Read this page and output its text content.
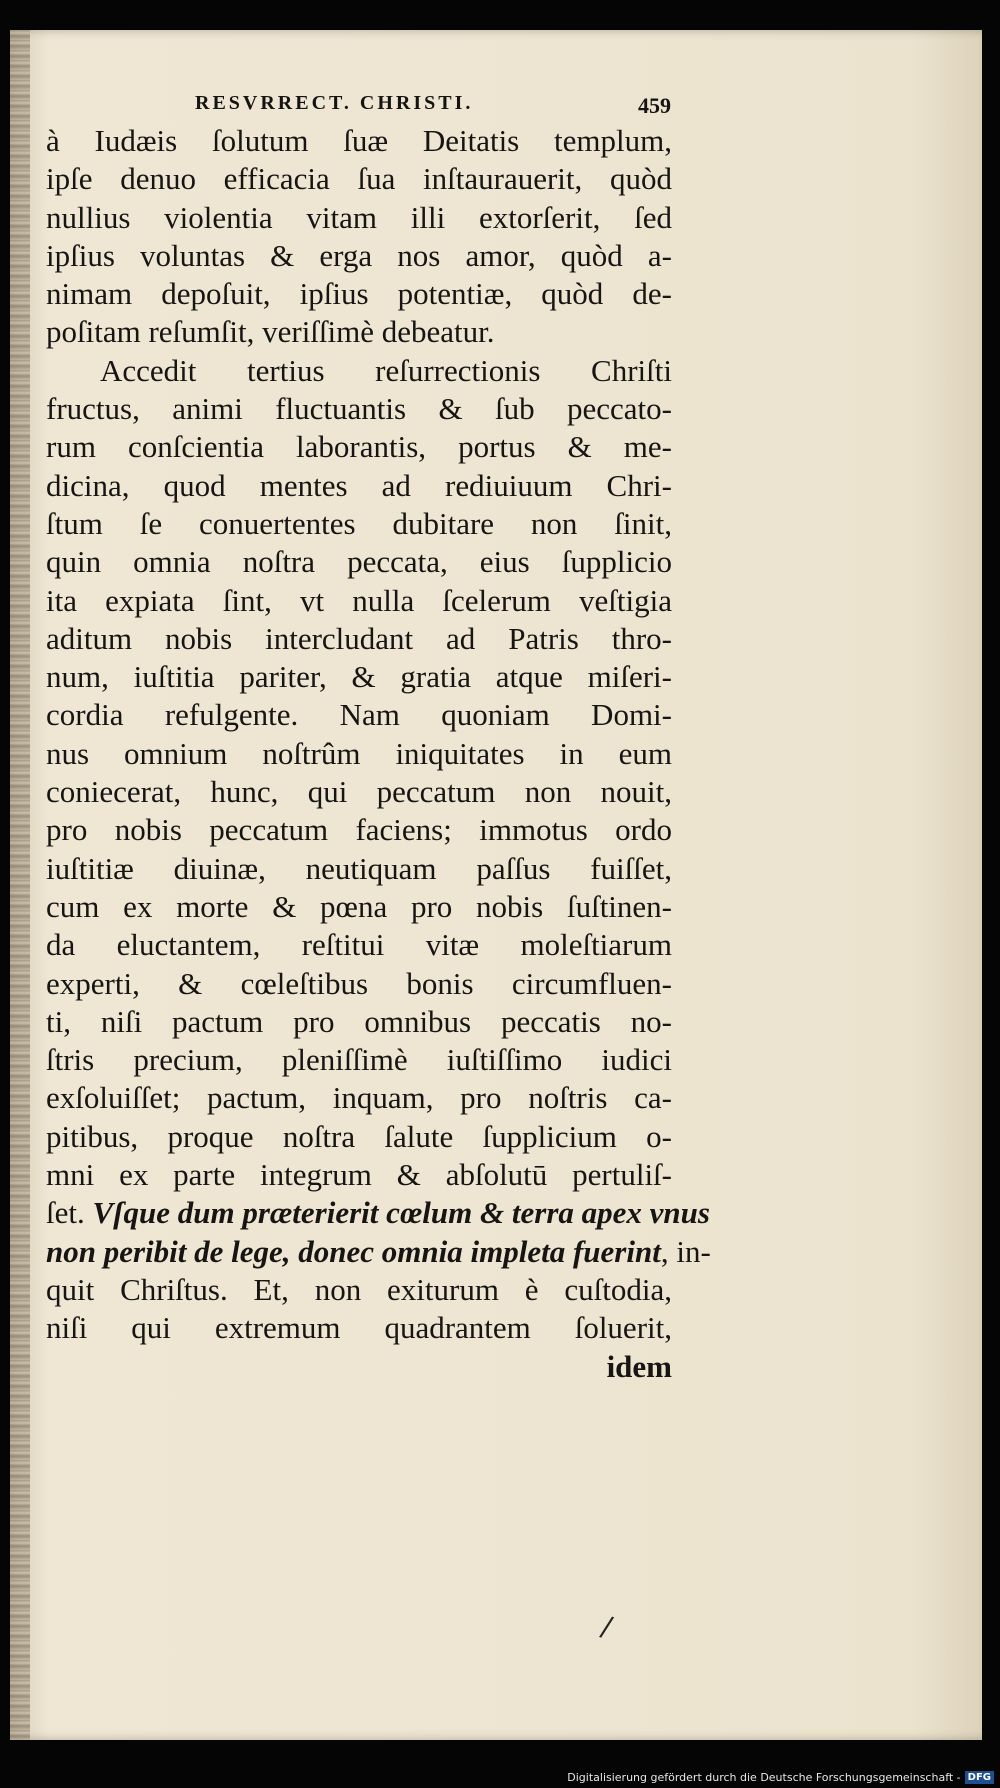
RESVRRECT. CHRISTI.	459
à Iudæis ſolutum ſuæ Deitatis templum,
ipſe denuo efficacia ſua inſtaurauerit, quòd
nullius violentia vitam illi extorſerit, ſed
ipſius voluntas & erga nos amor, quòd a-
nimam depoſuit, ipſius potentiæ, quòd de-
poſitam reſumſit, veriſſimè debeatur.
Accedit tertius reſurrectionis Chriſti
fructus, animi fluctuantis & ſub peccato-
rum conſcientia laborantis, portus & me-
dicina, quod mentes ad rediuiuum Chri-
ſtum ſe conuertentes dubitare non ſinit,
quin omnia noſtra peccata, eius ſupplicio
ita expiata ſint, vt nulla ſcelerum veſtigia
aditum nobis intercludant ad Patris thro-
num, iuſtitia pariter, & gratia atque miſeri-
cordia refulgente. Nam quoniam Domi-
nus omnium noſtrûm iniquitates in eum
coniecerat, hunc, qui peccatum non nouit,
pro nobis peccatum faciens; immotus ordo
iuſtitiæ diuinæ, neutiquam paſſus fuiſſet,
cum ex morte & pœna pro nobis ſuſtinen-
da eluctantem, reſtitui vitæ moleſtiarum
experti, & cœleſtibus bonis circumfluen-
ti, niſi pactum pro omnibus peccatis no-
ſtris precium, pleniſſimè iuſtiſſimo iudici
exſoluiſſet; pactum, inquam, pro noſtris ca-
pitibus, proque noſtra ſalute ſupplicium o-
mni ex parte integrum & abſolutū pertuliſ-
ſet. Vſque dum præterierit cœlum & terra apex vnus
non peribit de lege, donec omnia impleta fuerint, in-
quit Chriſtus. Et, non exiturum è cuſtodia,
niſi qui extremum quadrantem ſoluerit,
idem
/
Digitalisierung gefördert durch die Deutsche Forschungsgemeinschaft - DFG
